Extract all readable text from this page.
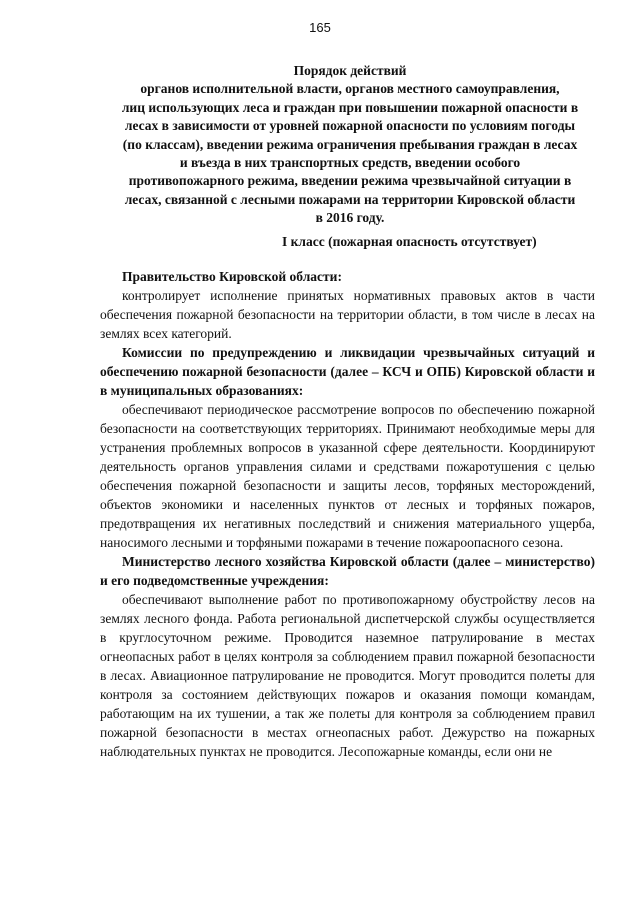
165
Порядок действий
органов исполнительной власти, органов местного самоуправления,
лиц использующих леса и граждан при повышении пожарной опасности в
лесах в зависимости от уровней пожарной опасности по условиям погоды
(по классам), введении режима ограничения пребывания граждан в лесах
и въезда в них транспортных средств, введении особого
противопожарного режима, введении режима чрезвычайной ситуации в
лесах, связанной с лесными пожарами на территории Кировской области
в 2016 году.
I класс (пожарная опасность отсутствует)

Правительство Кировской области:

контролирует исполнение принятых нормативных правовых актов в части обеспечения пожарной безопасности на территории области, в том числе в лесах на землях всех категорий.

Комиссии по предупреждению и ликвидации чрезвычайных ситуаций и обеспечению пожарной безопасности (далее – КСЧ и ОПБ) Кировской области и в муниципальных образованиях:

обеспечивают периодическое рассмотрение вопросов по обеспечению пожарной безопасности на соответствующих территориях. Принимают необходимые меры для устранения проблемных вопросов в указанной сфере деятельности. Координируют деятельность органов управления силами и средствами пожаротушения с целью обеспечения пожарной безопасности и защиты лесов, торфяных месторождений, объектов экономики и населенных пунктов от лесных и торфяных пожаров, предотвращения их негативных последствий и снижения материального ущерба, наносимого лесными и торфяными пожарами в течение пожароопасного сезона.

Министерство лесного хозяйства Кировской области (далее – министерство) и его подведомственные учреждения:

обеспечивают выполнение работ по противопожарному обустройству лесов на землях лесного фонда. Работа региональной диспетчерской службы осуществляется в круглосуточном режиме. Проводится наземное патрулирование в местах огнеопасных работ в целях контроля за соблюдением правил пожарной безопасности в лесах. Авиационное патрулирование не проводится. Могут проводится полеты для контроля за состоянием действующих пожаров и оказания помощи командам, работающим на их тушении, а так же полеты для контроля за соблюдением правил пожарной безопасности в местах огнеопасных работ. Дежурство на пожарных наблюдательных пунктах не проводится. Лесопожарные команды, если они не
